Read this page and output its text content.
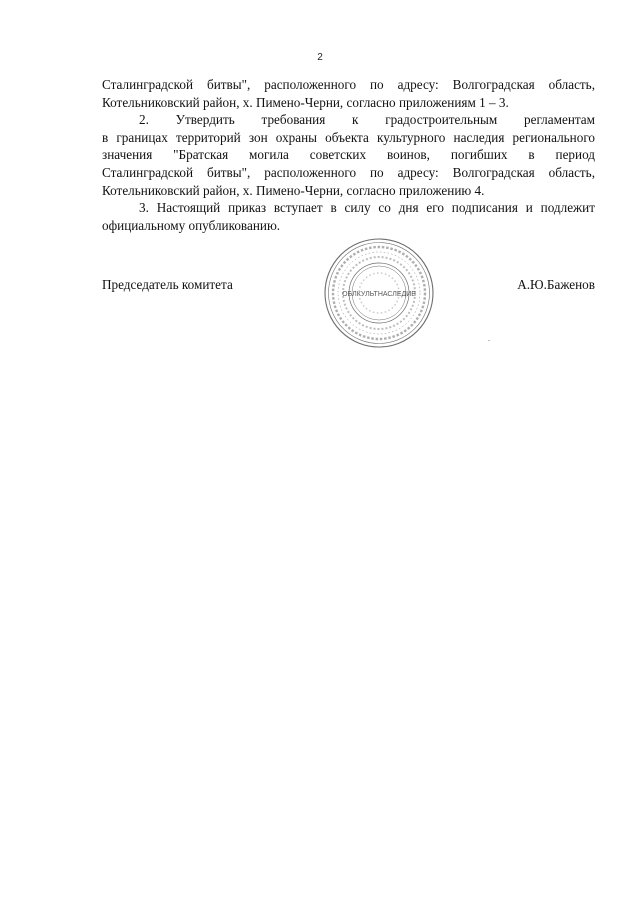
2
Сталинградской битвы", расположенного по адресу: Волгоградская область,
Котельниковский район, х. Пимено-Черни, согласно приложениям 1 – 3.
2. Утвердить требования к градостроительным регламентам
в границах территорий зон охраны объекта культурного наследия регионального
значения "Братская могила советских воинов, погибших в период
Сталинградской битвы", расположенного по адресу: Волгоградская область,
Котельниковский район, х. Пимено-Черни, согласно приложению 4.
3. Настоящий приказ вступает в силу со дня его подписания и подлежит
официальному опубликованию.
ОБЛКУЛЬТНАСЛЕДИЕ
Председатель комитета	А.Ю.Баженов
